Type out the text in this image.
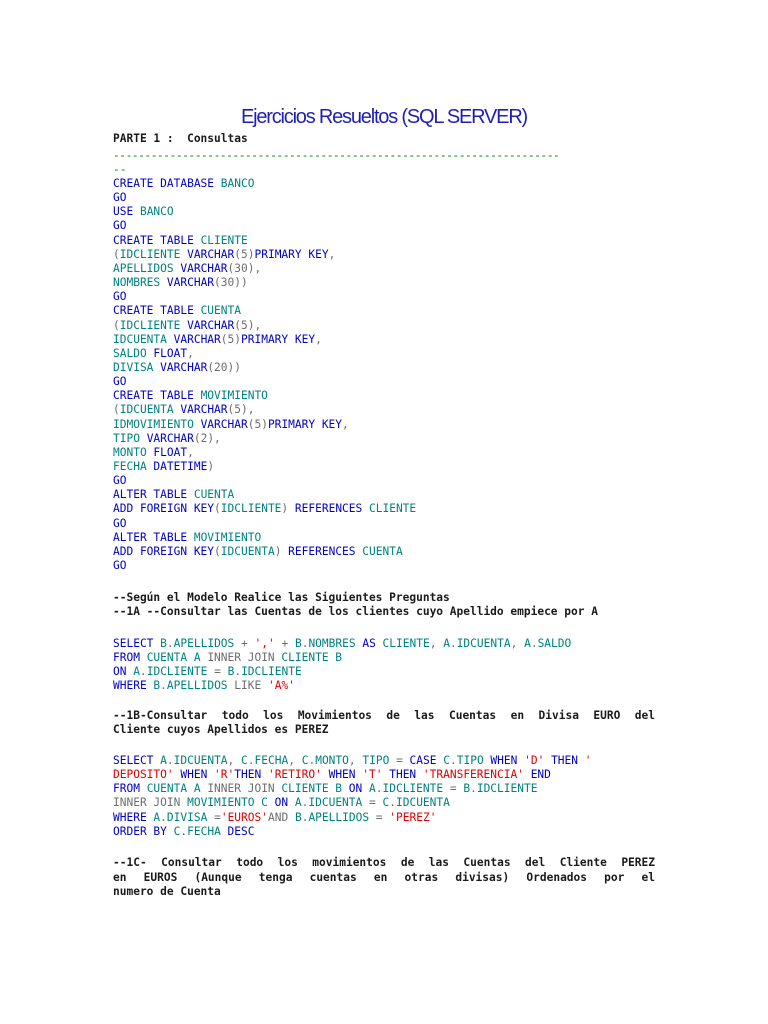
Ejercicios Resueltos (SQL SERVER)
PARTE 1 :  Consultas
-----------------------------------------------------------------------
--
CREATE DATABASE BANCO
GO
USE BANCO
GO
CREATE TABLE CLIENTE
(IDCLIENTE VARCHAR(5)PRIMARY KEY,
APELLIDOS VARCHAR(30),
NOMBRES VARCHAR(30))
GO
CREATE TABLE CUENTA
(IDCLIENTE VARCHAR(5),
IDCUENTA VARCHAR(5)PRIMARY KEY,
SALDO FLOAT,
DIVISA VARCHAR(20))
GO
CREATE TABLE MOVIMIENTO
(IDCUENTA VARCHAR(5),
IDMOVIMIENTO VARCHAR(5)PRIMARY KEY,
TIPO VARCHAR(2),
MONTO FLOAT,
FECHA DATETIME)
GO
ALTER TABLE CUENTA
ADD FOREIGN KEY(IDCLIENTE) REFERENCES CLIENTE
GO
ALTER TABLE MOVIMIENTO
ADD FOREIGN KEY(IDCUENTA) REFERENCES CUENTA
GO
--Según el Modelo Realice las Siguientes Preguntas
--1A --Consultar las Cuentas de los clientes cuyo Apellido empiece por A
SELECT B.APELLIDOS + ',' + B.NOMBRES AS CLIENTE, A.IDCUENTA, A.SALDO
FROM CUENTA A INNER JOIN CLIENTE B
ON A.IDCLIENTE = B.IDCLIENTE
WHERE B.APELLIDOS LIKE 'A%'
--1B-Consultar todo los Movimientos de las Cuentas en Divisa EURO del
Cliente cuyos Apellidos es PEREZ
SELECT A.IDCUENTA, C.FECHA, C.MONTO, TIPO = CASE C.TIPO WHEN 'D' THEN '
DEPOSITO' WHEN 'R'THEN 'RETIRO' WHEN 'T' THEN 'TRANSFERENCIA' END
FROM CUENTA A INNER JOIN CLIENTE B ON A.IDCLIENTE = B.IDCLIENTE
INNER JOIN MOVIMIENTO C ON A.IDCUENTA = C.IDCUENTA
WHERE A.DIVISA ='EUROS'AND B.APELLIDOS = 'PEREZ'
ORDER BY C.FECHA DESC
--1C- Consultar todo los movimientos de las Cuentas del Cliente PEREZ
en EUROS (Aunque tenga cuentas en otras divisas) Ordenados por el
numero de Cuenta
